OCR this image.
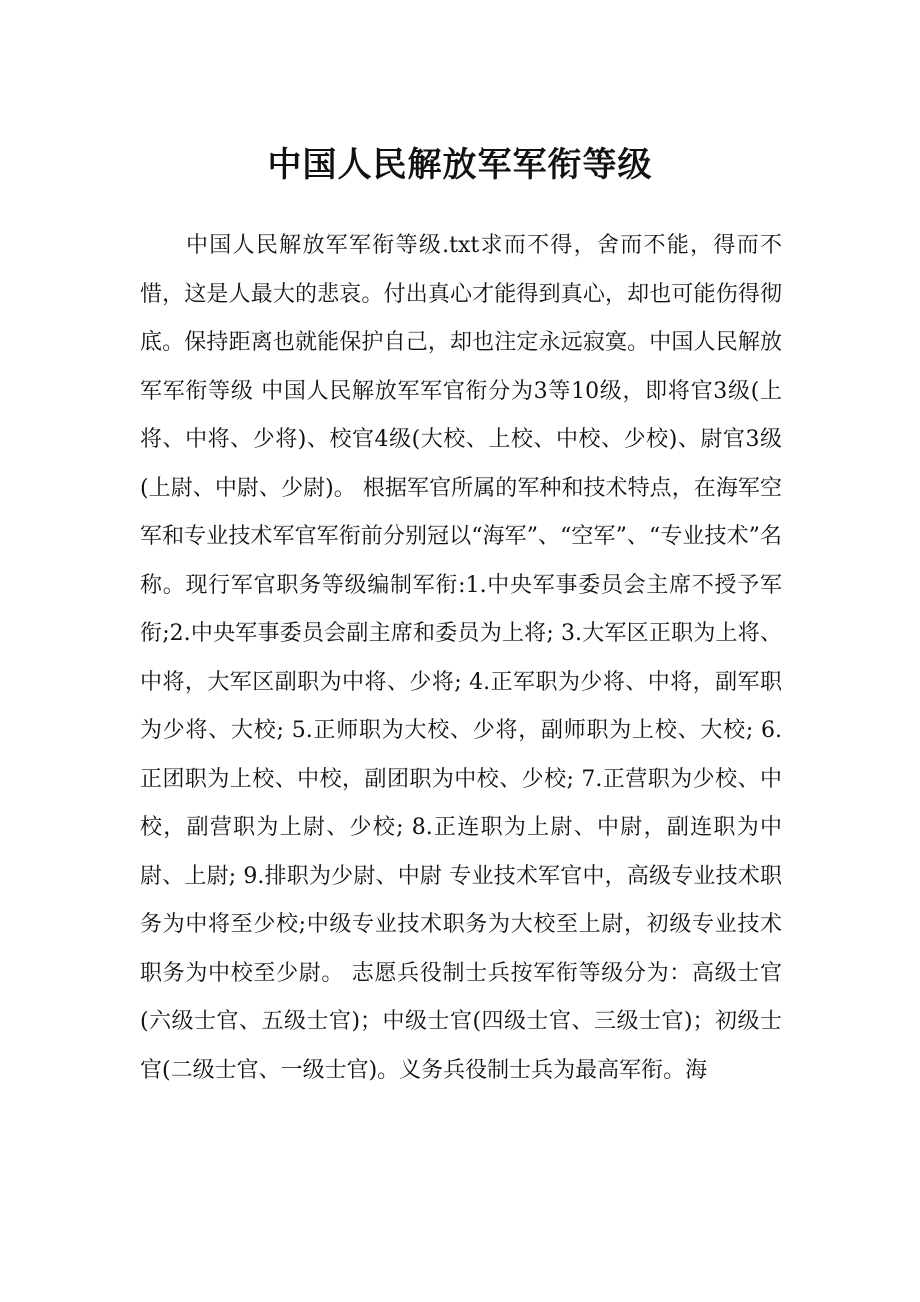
中国人民解放军军衔等级

中国人民解放军军衔等级.txt求而不得，舍而不能，得而不惜，这是人最大的悲哀。付出真心才能得到真心，却也可能伤得彻底。保持距离也就能保护自己，却也注定永远寂寞。中国人民解放军军衔等级 中国人民解放军军官衔分为3等10级，即将官3级(上将、中将、少将)、校官4级(大校、上校、中校、少校)、尉官3级(上尉、中尉、少尉)。 根据军官所属的军种和技术特点，在海军空军和专业技术军官军衔前分别冠以“海军”、“空军”、“专业技术”名称。现行军官职务等级编制军衔:1.中央军事委员会主席不授予军衔;2.中央军事委员会副主席和委员为上将; 3.大军区正职为上将、中将，大军区副职为中将、少将; 4.正军职为少将、中将，副军职为少将、大校; 5.正师职为大校、少将，副师职为上校、大校; 6.正团职为上校、中校，副团职为中校、少校; 7.正营职为少校、中校，副营职为上尉、少校; 8.正连职为上尉、中尉，副连职为中尉、上尉; 9.排职为少尉、中尉 专业技术军官中，高级专业技术职务为中将至少校;中级专业技术职务为大校至上尉，初级专业技术职务为中校至少尉。 志愿兵役制士兵按军衔等级分为：高级士官(六级士官、五级士官)；中级士官(四级士官、三级士官)；初级士官(二级士官、一级士官)。义务兵役制士兵为最高军衔。海
